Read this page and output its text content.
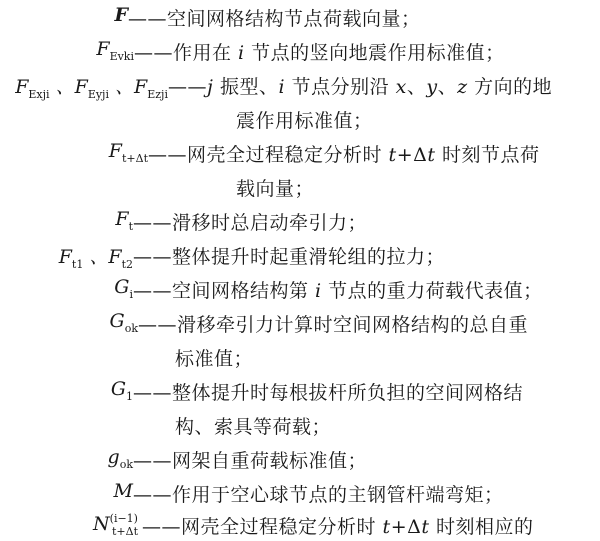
F ——空间网格结构节点荷载向量；
$F_{Evki}$ ——作用在 i 节点的竖向地震作用标准值；
$F_{Exji}$ 、$F_{Eyji}$ 、$F_{Ezji}$ ——j 振型、i 节点分别沿 x、y、z 方向的地
震作用标准值；
$F_{t+\Delta t}$ ——网壳全过程稳定分析时 t+Δt 时刻节点荷
载向量；
$F_t$ ——滑移时总启动牵引力；
$F_{t1}$ 、$F_{t2}$ ——整体提升时起重滑轮组的拉力；
$G_i$ ——空间网格结构第 i 节点的重力荷载代表值；
$G_{ok}$ ——滑移牵引力计算时空间网格结构的总自重
标准值；
$G_1$ ——整体提升时每根拔杆所负担的空间网格结
构、索具等荷载；
$g_{ok}$ ——网架自重荷载标准值；
M ——作用于空心球节点的主钢管杆端弯矩；
$N^{(i-1)}_{t+\Delta t}$ ——网壳全过程稳定分析时 t+Δt 时刻相应的
